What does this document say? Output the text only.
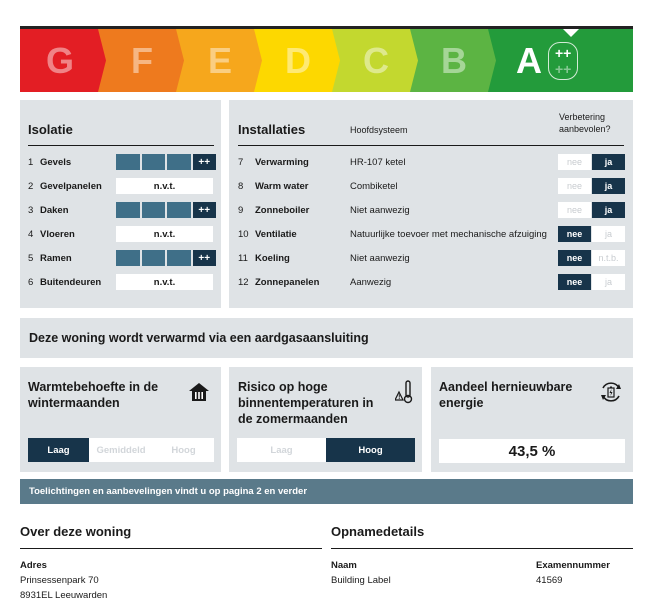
G F E D C B A ++
++
Isolatie
1 Gevels	++
2 Gevelpanelen	n.v.t.
3 Daken	++
4 Vloeren	n.v.t.
5 Ramen	++
6 Buitendeuren	n.v.t.
Installaties	Hoofdsysteem
Verbetering aanbevolen?
7 Verwarming	HR-107 ketel	nee	ja
8 Warm water	Combiketel	nee	ja
9 Zonneboiler	Niet aanwezig	nee	ja
10 Ventilatie	Natuurlijke toevoer met mechanische afzuiging	nee	ja
11 Koeling	Niet aanwezig	nee	n.t.b.
12 Zonnepanelen	Aanwezig	nee	ja
Deze woning wordt verwarmd via een aardgasaansluiting
Warmtebehoefte in de wintermaanden
Laag	Gemiddeld	Hoog
Risico op hoge binnentemperaturen in de zomermaanden
!
Laag	Hoog
Aandeel hernieuwbare energie
43,5 %
Toelichtingen en aanbevelingen vindt u op pagina 2 en verder
Over deze woning
Adres
Prinsessenpark 70
8931EL Leeuwarden
Opnamedetails
Naam
Building Label
Examennummer
41569
